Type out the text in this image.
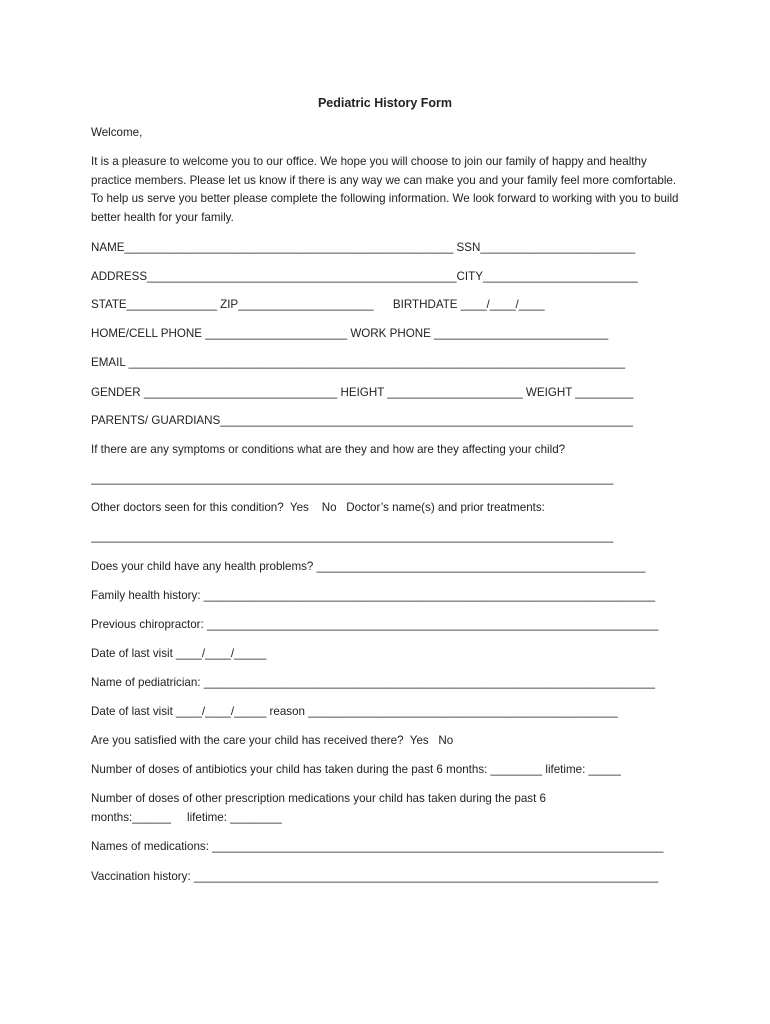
Pediatric History Form
Welcome,
It is a pleasure to welcome you to our office. We hope you will choose to join our family of happy and healthy practice members. Please let us know if there is any way we can make you and your family feel more comfortable. To help us serve you better please complete the following information. We look forward to working with you to build better health for your family.
NAME___________________________________________________ SSN________________________
ADDRESS________________________________________________CITY________________________
STATE______________ ZIP_____________________      BIRTHDATE ____/____/____
HOME/CELL PHONE ______________________ WORK PHONE ___________________________
EMAIL _____________________________________________________________________________
GENDER ______________________________ HEIGHT _____________________ WEIGHT _________
PARENTS/ GUARDIANS________________________________________________________________
If there are any symptoms or conditions what are they and how are they affecting your child?
_________________________________________________________________________________
Other doctors seen for this condition?  Yes    No   Doctor’s name(s) and prior treatments:
_________________________________________________________________________________
Does your child have any health problems? ___________________________________________________
Family health history: ______________________________________________________________________
Previous chiropractor: ______________________________________________________________________
Date of last visit ____/____/_____
Name of pediatrician: ______________________________________________________________________
Date of last visit ____/____/_____ reason ________________________________________________
Are you satisfied with the care your child has received there?  Yes   No
Number of doses of antibiotics your child has taken during the past 6 months: ________ lifetime: _____
Number of doses of other prescription medications your child has taken during the past 6
months:______     lifetime: ________
Names of medications: ______________________________________________________________________
Vaccination history: ________________________________________________________________________
